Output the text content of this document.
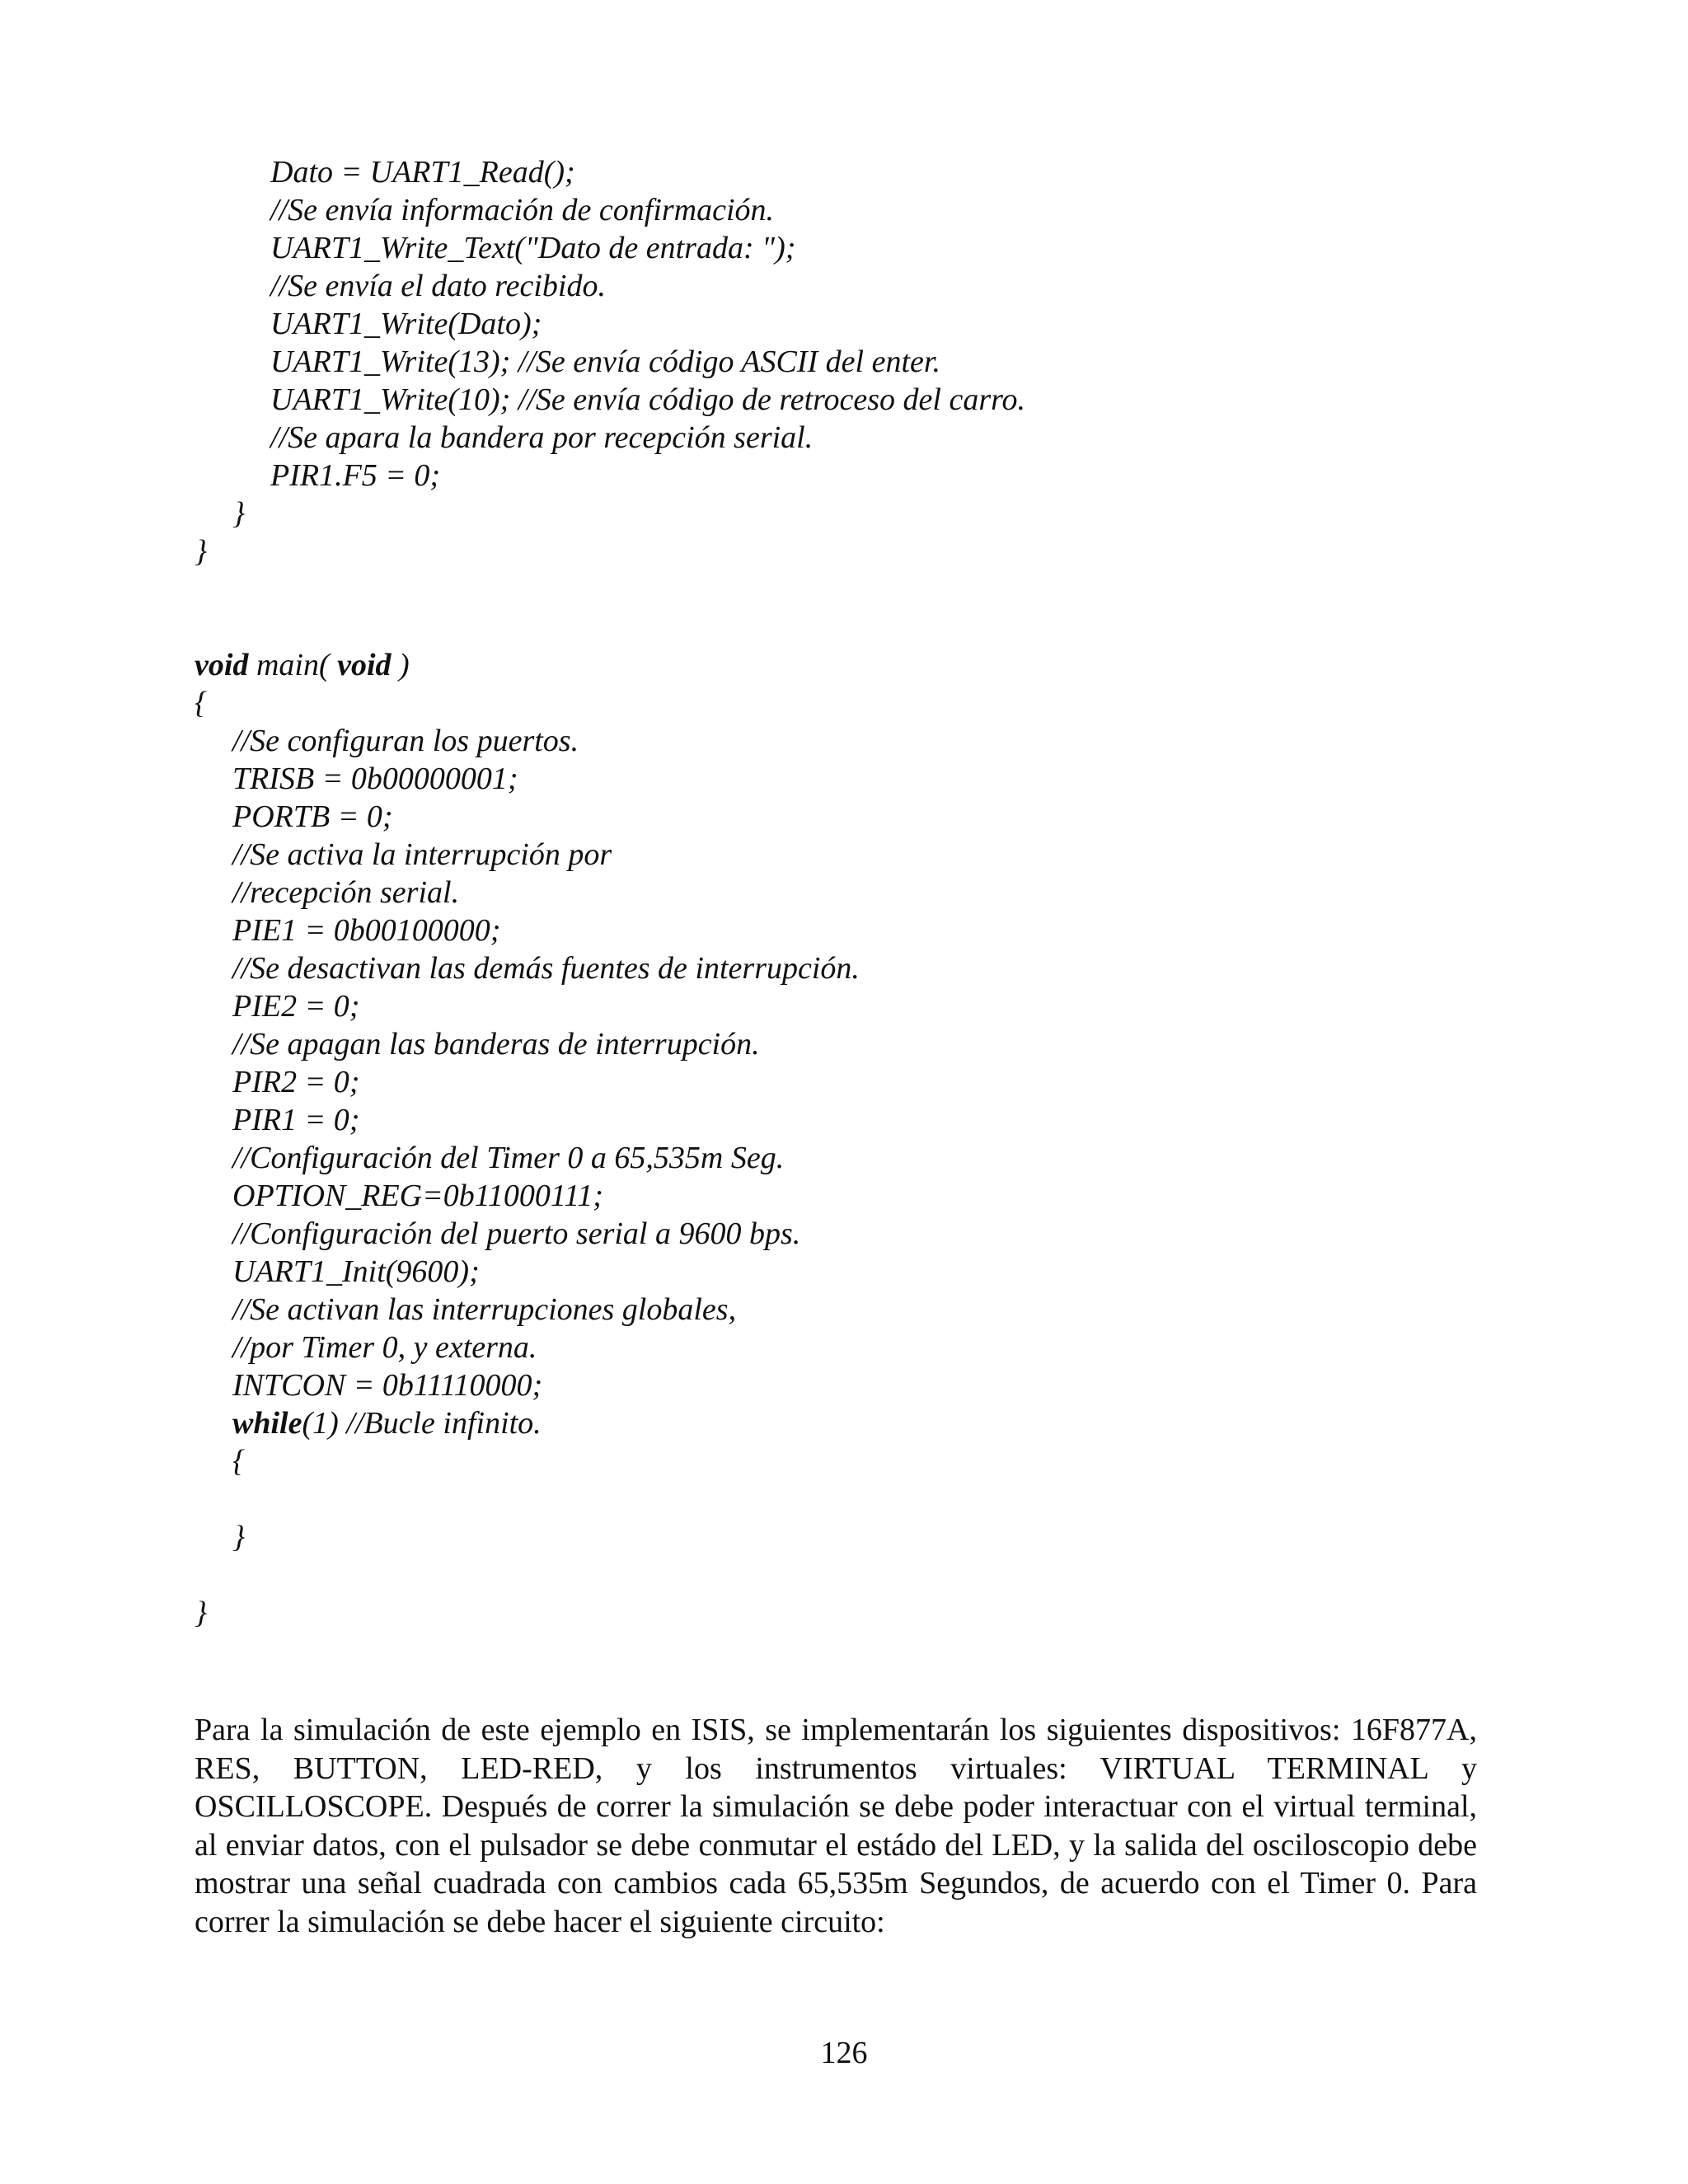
Dato = UART1_Read();
//Se envía información de confirmación.
UART1_Write_Text("Dato de entrada: ");
//Se envía el dato recibido.
UART1_Write(Dato);
UART1_Write(13); //Se envía código ASCII del enter.
UART1_Write(10); //Se envía código de retroceso del carro.
//Se apara la bandera por recepción serial.
PIR1.F5 = 0;
}
}
void main( void )
{
//Se configuran los puertos.
TRISB = 0b00000001;
PORTB = 0;
//Se activa la interrupción por
//recepción serial.
PIE1 = 0b00100000;
//Se desactivan las demás fuentes de interrupción.
PIE2 = 0;
//Se apagan las banderas de interrupción.
PIR2 = 0;
PIR1 = 0;
//Configuración del Timer 0 a 65,535m Seg.
OPTION_REG=0b11000111;
//Configuración del puerto serial a 9600 bps.
UART1_Init(9600);
//Se activan las interrupciones globales,
//por Timer 0, y externa.
INTCON = 0b11110000;
while(1) //Bucle infinito.
{
}
}

Para la simulación de este ejemplo en ISIS, se implementarán los siguientes dispositivos: 16F877A, RES, BUTTON, LED-RED, y los instrumentos virtuales: VIRTUAL TERMINAL y OSCILLOSCOPE. Después de correr la simulación se debe poder interactuar con el virtual terminal, al enviar datos, con el pulsador se debe conmutar el estádo del LED, y la salida del osciloscopio debe mostrar una señal cuadrada con cambios cada 65,535m Segundos, de acuerdo con el Timer 0. Para correr la simulación se debe hacer el siguiente circuito:

126
